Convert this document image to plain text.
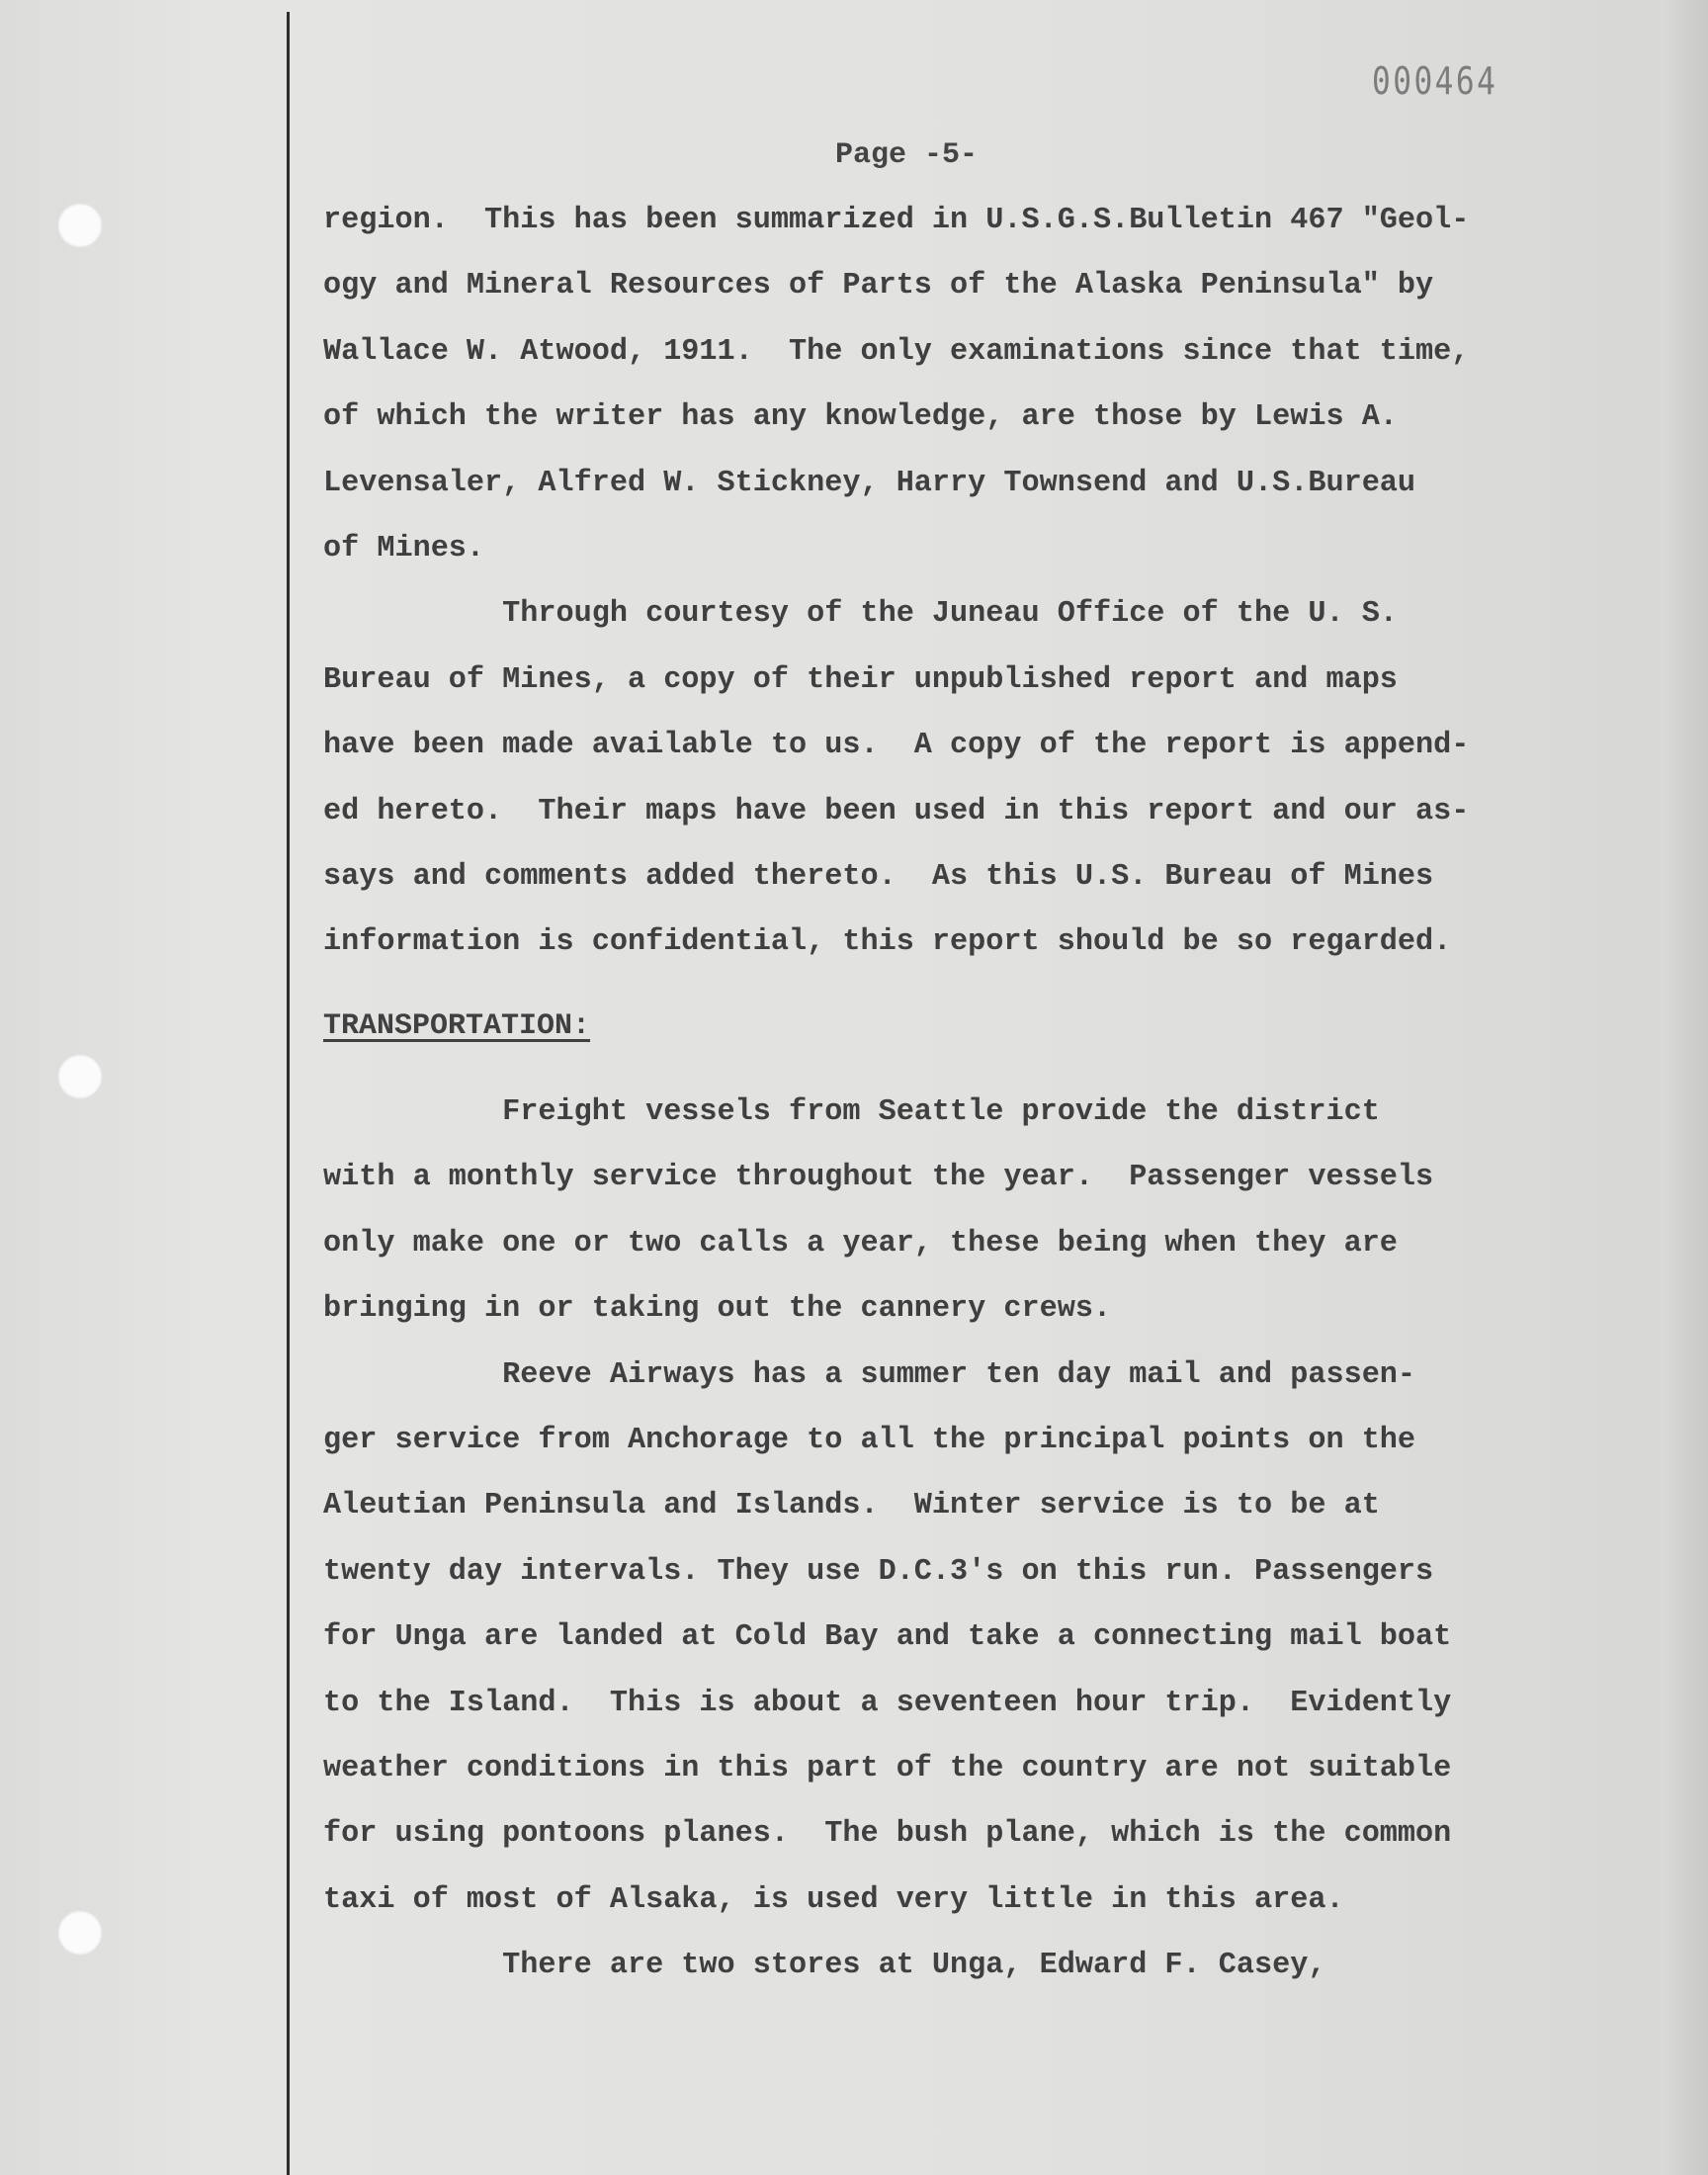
000464
Page -5-
region.  This has been summarized in U.S.G.S.Bulletin 467 "Geol-
ogy and Mineral Resources of Parts of the Alaska Peninsula" by
Wallace W. Atwood, 1911.  The only examinations since that time,
of which the writer has any knowledge, are those by Lewis A.
Levensaler, Alfred W. Stickney, Harry Townsend and U.S.Bureau
of Mines.
Through courtesy of the Juneau Office of the U. S.
Bureau of Mines, a copy of their unpublished report and maps
have been made available to us.  A copy of the report is append-
ed hereto.  Their maps have been used in this report and our as-
says and comments added thereto.  As this U.S. Bureau of Mines
information is confidential, this report should be so regarded.
TRANSPORTATION:
Freight vessels from Seattle provide the district
with a monthly service throughout the year.  Passenger vessels
only make one or two calls a year, these being when they are
bringing in or taking out the cannery crews.
Reeve Airways has a summer ten day mail and passen-
ger service from Anchorage to all the principal points on the
Aleutian Peninsula and Islands.  Winter service is to be at
twenty day intervals. They use D.C.3's on this run. Passengers
for Unga are landed at Cold Bay and take a connecting mail boat
to the Island.  This is about a seventeen hour trip.  Evidently
weather conditions in this part of the country are not suitable
for using pontoons planes.  The bush plane, which is the common
taxi of most of Alsaka, is used very little in this area.
There are two stores at Unga, Edward F. Casey,
